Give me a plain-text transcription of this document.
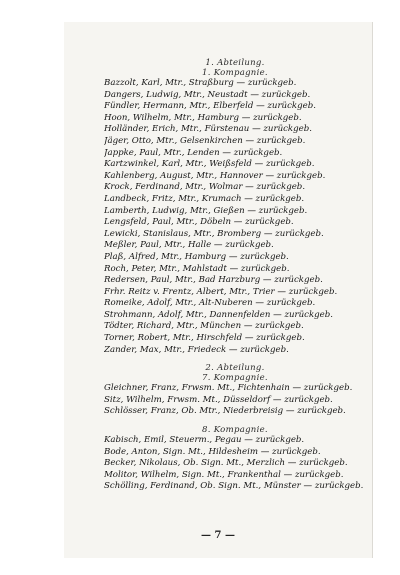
1. Abteilung.
1. Kompagnie.
Bazzolt, Karl, Mtr., Straßburg — zurückgeb.
Dangers, Ludwig, Mtr., Neustadt — zurückgeb.
Fündler, Hermann, Mtr., Elberfeld — zurückgeb.
Hoon, Wilhelm, Mtr., Hamburg — zurückgeb.
Holländer, Erich, Mtr., Fürstenau — zurückgeb.
Jäger, Otto, Mtr., Gelsenkirchen — zurückgeb.
Jappke, Paul, Mtr., Lenden — zurückgeb.
Kartzwinkel, Karl, Mtr., Weißsfeld — zurückgeb.
Kahlenberg, August, Mtr., Hannover — zurückgeb.
Krock, Ferdinand, Mtr., Wolmar — zurückgeb.
Landbeck, Fritz, Mtr., Krumach — zurückgeb.
Lamberth, Ludwig, Mtr., Gießen — zurückgeb.
Lengsfeld, Paul, Mtr., Döbeln — zurückgeb.
Lewicki, Stanislaus, Mtr., Bromberg — zurückgeb.
Meßler, Paul, Mtr., Halle — zurückgeb.
Plaß, Alfred, Mtr., Hamburg — zurückgeb.
Roch, Peter, Mtr., Mahlstadt — zurückgeb.
Redersen, Paul, Mtr., Bad Harzburg — zurückgeb.
Frhr. Reitz v. Frentz, Albert, Mtr., Trier — zurückgeb.
Romeike, Adolf, Mtr., Alt-Nuberen — zurückgeb.
Strohmann, Adolf, Mtr., Dannenfelden — zurückgeb.
Tödter, Richard, Mtr., München — zurückgeb.
Torner, Robert, Mtr., Hirschfeld — zurückgeb.
Zander, Max, Mtr., Friedeck — zurückgeb.
2. Abteilung.
7. Kompagnie.
Gleichner, Franz, Frwsm. Mt., Fichtenhain — zurückgeb.
Sitz, Wilhelm, Frwsm. Mt., Düsseldorf — zurückgeb.
Schlösser, Franz, Ob. Mtr., Niederbreisig — zurückgeb.
8. Kompagnie.
Kabisch, Emil, Steuerm., Pegau — zurückgeb.
Bode, Anton, Sign. Mt., Hildesheim — zurückgeb.
Becker, Nikolaus, Ob. Sign. Mt., Merzlich — zurückgeb.
Molitor, Wilhelm, Sign. Mt., Frankenthal — zurückgeb.
Schölling, Ferdinand, Ob. Sign. Mt., Münster — zurückgeb.
— 7 —
